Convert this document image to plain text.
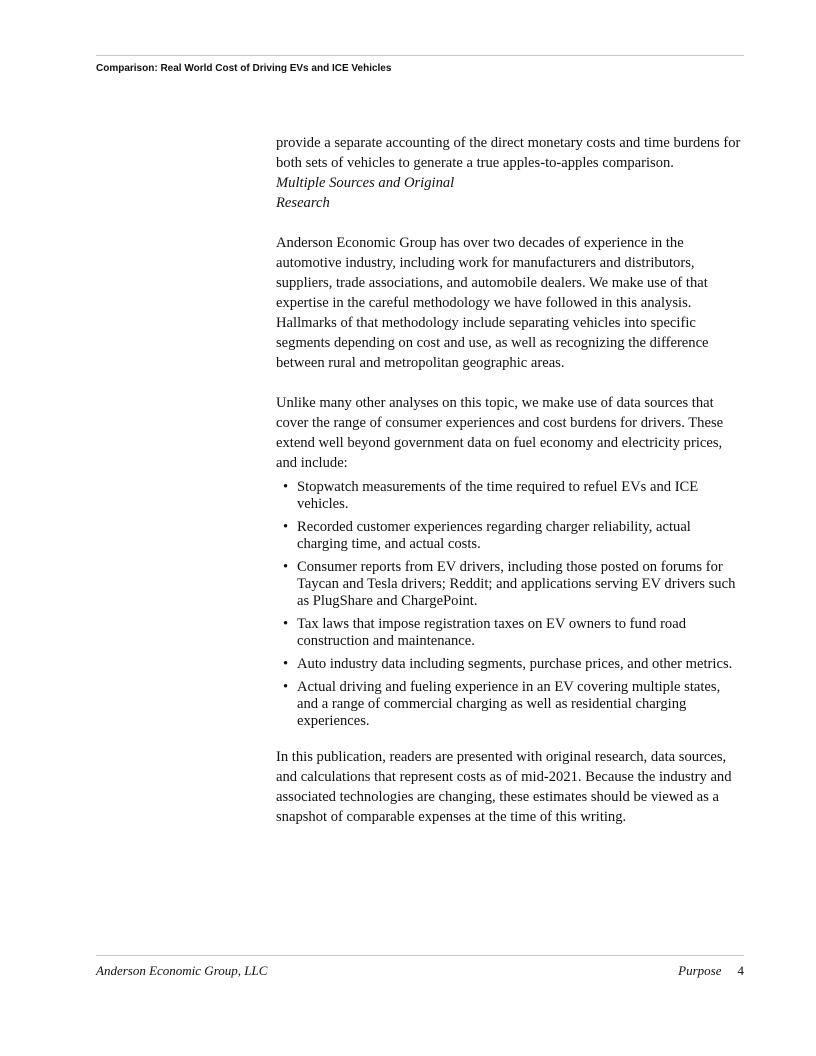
Comparison: Real World Cost of Driving EVs and ICE Vehicles

provide a separate accounting of the direct monetary costs and time burdens for both sets of vehicles to generate a true apples-to-apples comparison.

Multiple Sources and Original Research

Anderson Economic Group has over two decades of experience in the automotive industry, including work for manufacturers and distributors, suppliers, trade associations, and automobile dealers. We make use of that expertise in the careful methodology we have followed in this analysis. Hallmarks of that methodology include separating vehicles into specific segments depending on cost and use, as well as recognizing the difference between rural and metropolitan geographic areas.

Unlike many other analyses on this topic, we make use of data sources that cover the range of consumer experiences and cost burdens for drivers. These extend well beyond government data on fuel economy and electricity prices, and include:

• Stopwatch measurements of the time required to refuel EVs and ICE vehicles.
• Recorded customer experiences regarding charger reliability, actual charging time, and actual costs.
• Consumer reports from EV drivers, including those posted on forums for Taycan and Tesla drivers; Reddit; and applications serving EV drivers such as PlugShare and ChargePoint.
• Tax laws that impose registration taxes on EV owners to fund road construction and maintenance.
• Auto industry data including segments, purchase prices, and other metrics.
• Actual driving and fueling experience in an EV covering multiple states, and a range of commercial charging as well as residential charging experiences.

In this publication, readers are presented with original research, data sources, and calculations that represent costs as of mid-2021. Because the industry and associated technologies are changing, these estimates should be viewed as a snapshot of comparable expenses at the time of this writing.

Anderson Economic Group, LLC	Purpose 4
